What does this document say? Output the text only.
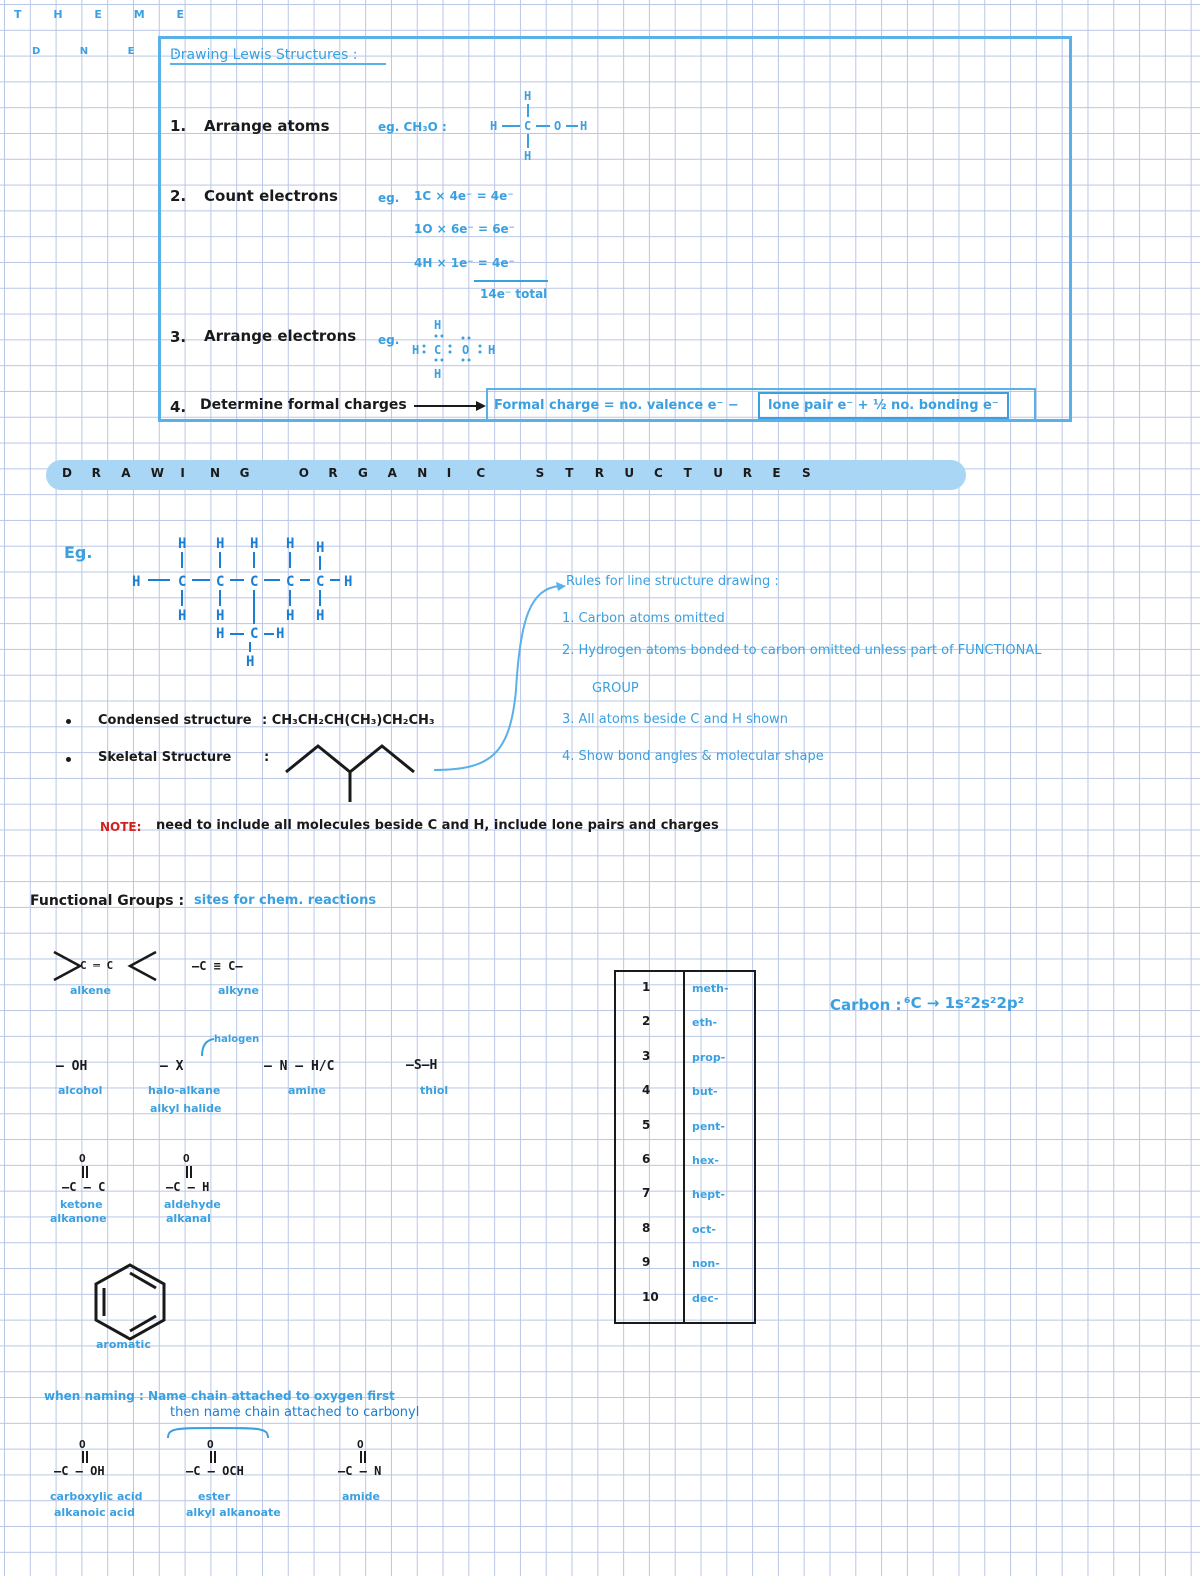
T H E M E
D N E :
Drawing Lewis Structures :
1. Arrange atoms	eg. CH₃O :
H
H C O H
H
2. Count electrons	eg. 1C × 4e⁻ = 4e⁻
1O × 6e⁻ = 6e⁻
4H × 1e⁻ = 4e⁻
14e⁻ total
3. Arrange electrons eg.
H
H C O H
H
4. Determine formal charges	Formal charge = no. valence e⁻ −	lone pair e⁻ + ½ no. bonding e⁻
D R A W I N G	O R G A N I C	S T R U C T U R E S
Eg.	H H H H H
H	C C C C C H
H H	H H
H C H
H
Condensed structure : CH₃CH₂CH(CH₃)CH₂CH₃
Skeletal Structure	:
Rules for line structure drawing :
1. Carbon atoms omitted
2. Hydrogen atoms bonded to carbon omitted unless part of FUNCTIONAL
GROUP
3. All atoms beside C and H shown
4. Show bond angles & molecular shape
NOTE: need to include all molecules beside C and H, include lone pairs and charges
Functional Groups : sites for chem. reactions
C ═ C
alkene
—C ≡ C—
alkyne
— OH
alcohol
— X
halogen
halo-alkane
alkyl halide
— N — H/C
amine
—S—H
thiol
O
—C — C
ketone
alkanone
O
—C — H
aldehyde
alkanal
aromatic
when naming : Name chain attached to oxygen first
then name chain attached to carbonyl
O
—C — OH
carboxylic acid
alkanoic acid
O
—C — OCH
ester
alkyl alkanoate
O
—C — N
amide
1	meth-
2	eth-
3	prop-
4	but-
5	pent-
6	hex-
7	hept-
8	oct-
9	non-
10	dec-
Carbon : ⁶C → 1s²2s²2p²
